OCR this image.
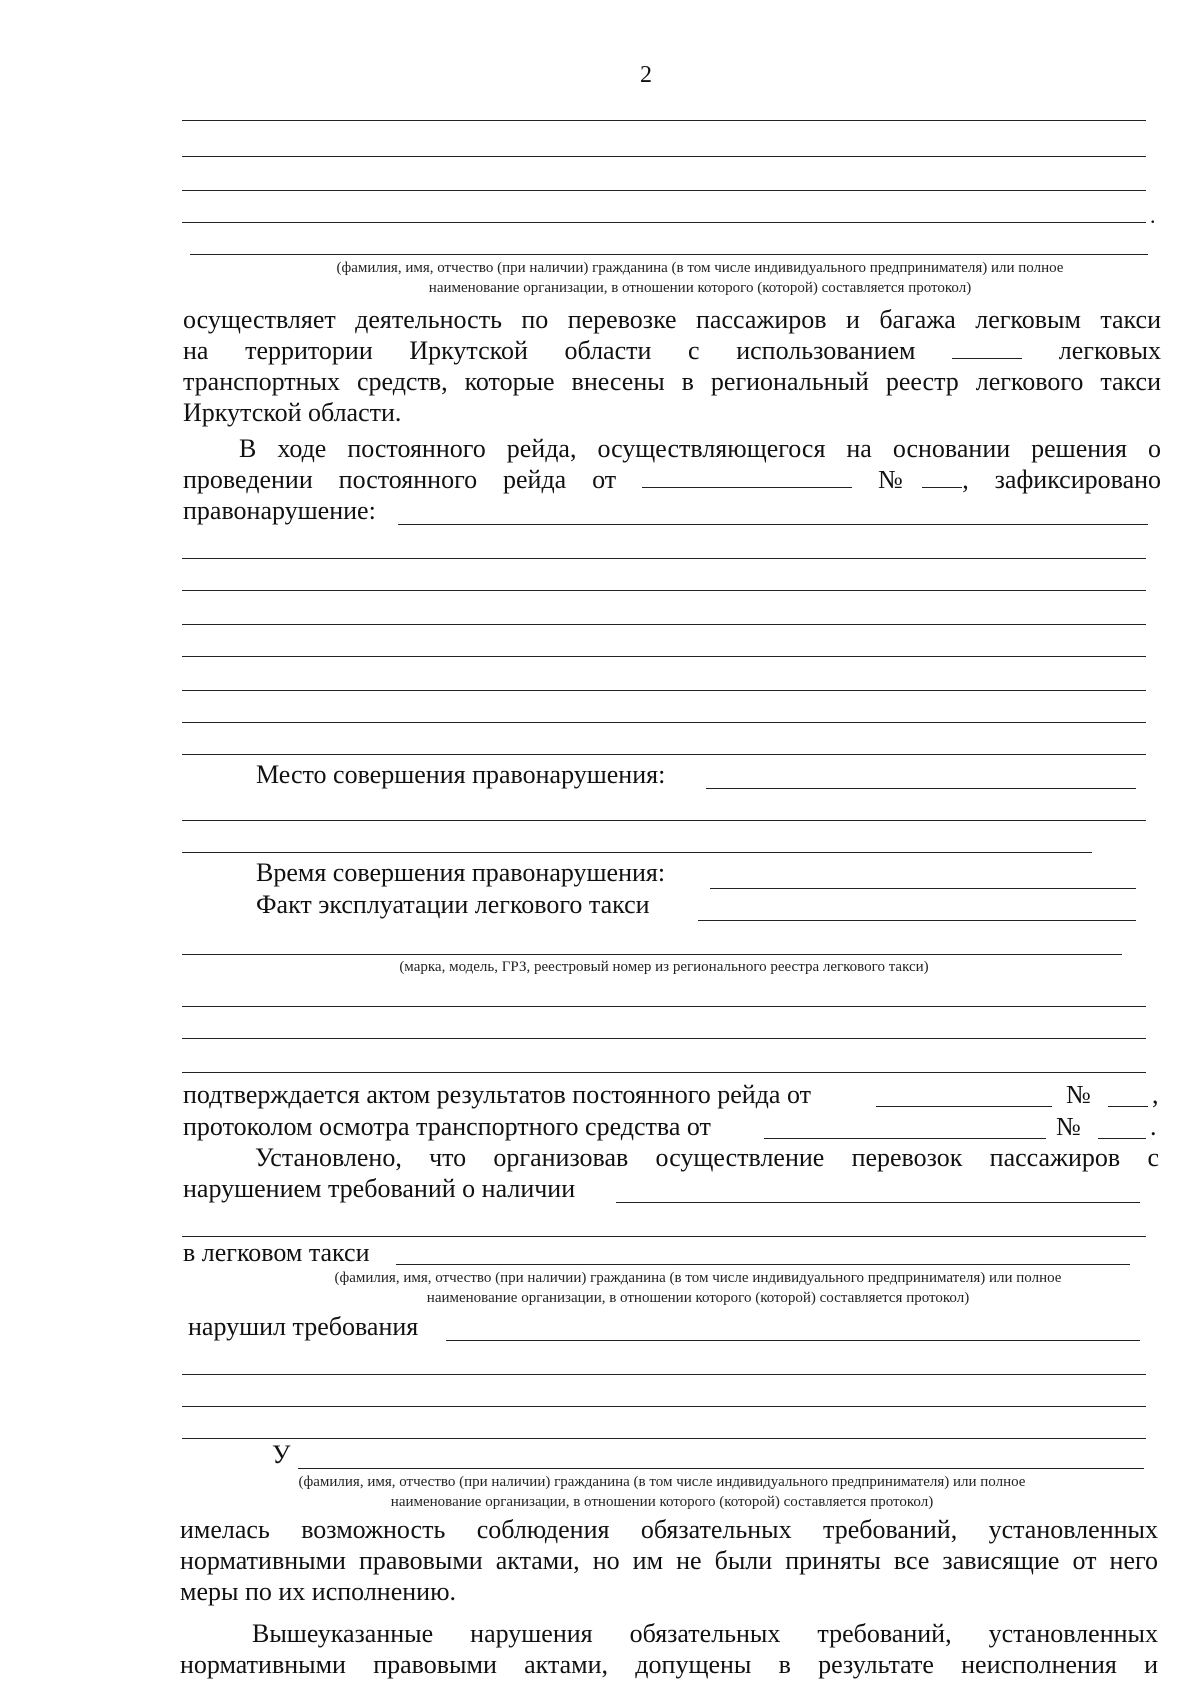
2
.
(фамилия, имя, отчество (при наличии) гражданина (в том числе индивидуального предпринимателя) или полное
наименование организации, в отношении которого (которой) составляется протокол)
осуществляет деятельность по перевозке пассажиров и багажа легковым такси
на территории Иркутской области с использованием	легковых
транспортных средств, которые внесены в региональный реестр легкового такси
Иркутской области.
В ходе постоянного рейда, осуществляющегося на основании решения о
проведении постоянного рейда от	№ , зафиксировано
правонарушение:
Место совершения правонарушения:
Время совершения правонарушения:
Факт эксплуатации легкового такси
(марка, модель, ГРЗ, реестровый номер из регионального реестра легкового такси)
подтверждается актом результатов постоянного рейда от	№ ,
протоколом осмотра транспортного средства от	№	.
Установлено, что организовав осуществление перевозок пассажиров с
нарушением требований о наличии
в легковом такси
(фамилия, имя, отчество (при наличии) гражданина (в том числе индивидуального предпринимателя) или полное
наименование организации, в отношении которого (которой) составляется протокол)
нарушил требования
У
(фамилия, имя, отчество (при наличии) гражданина (в том числе индивидуального предпринимателя) или полное
наименование организации, в отношении которого (которой) составляется протокол)
имелась возможность соблюдения обязательных требований, установленных
нормативными правовыми актами, но им не были приняты все зависящие от него
меры по их исполнению.
Вышеуказанные нарушения обязательных требований, установленных
нормативными правовыми актами, допущены в результате неисполнения и
